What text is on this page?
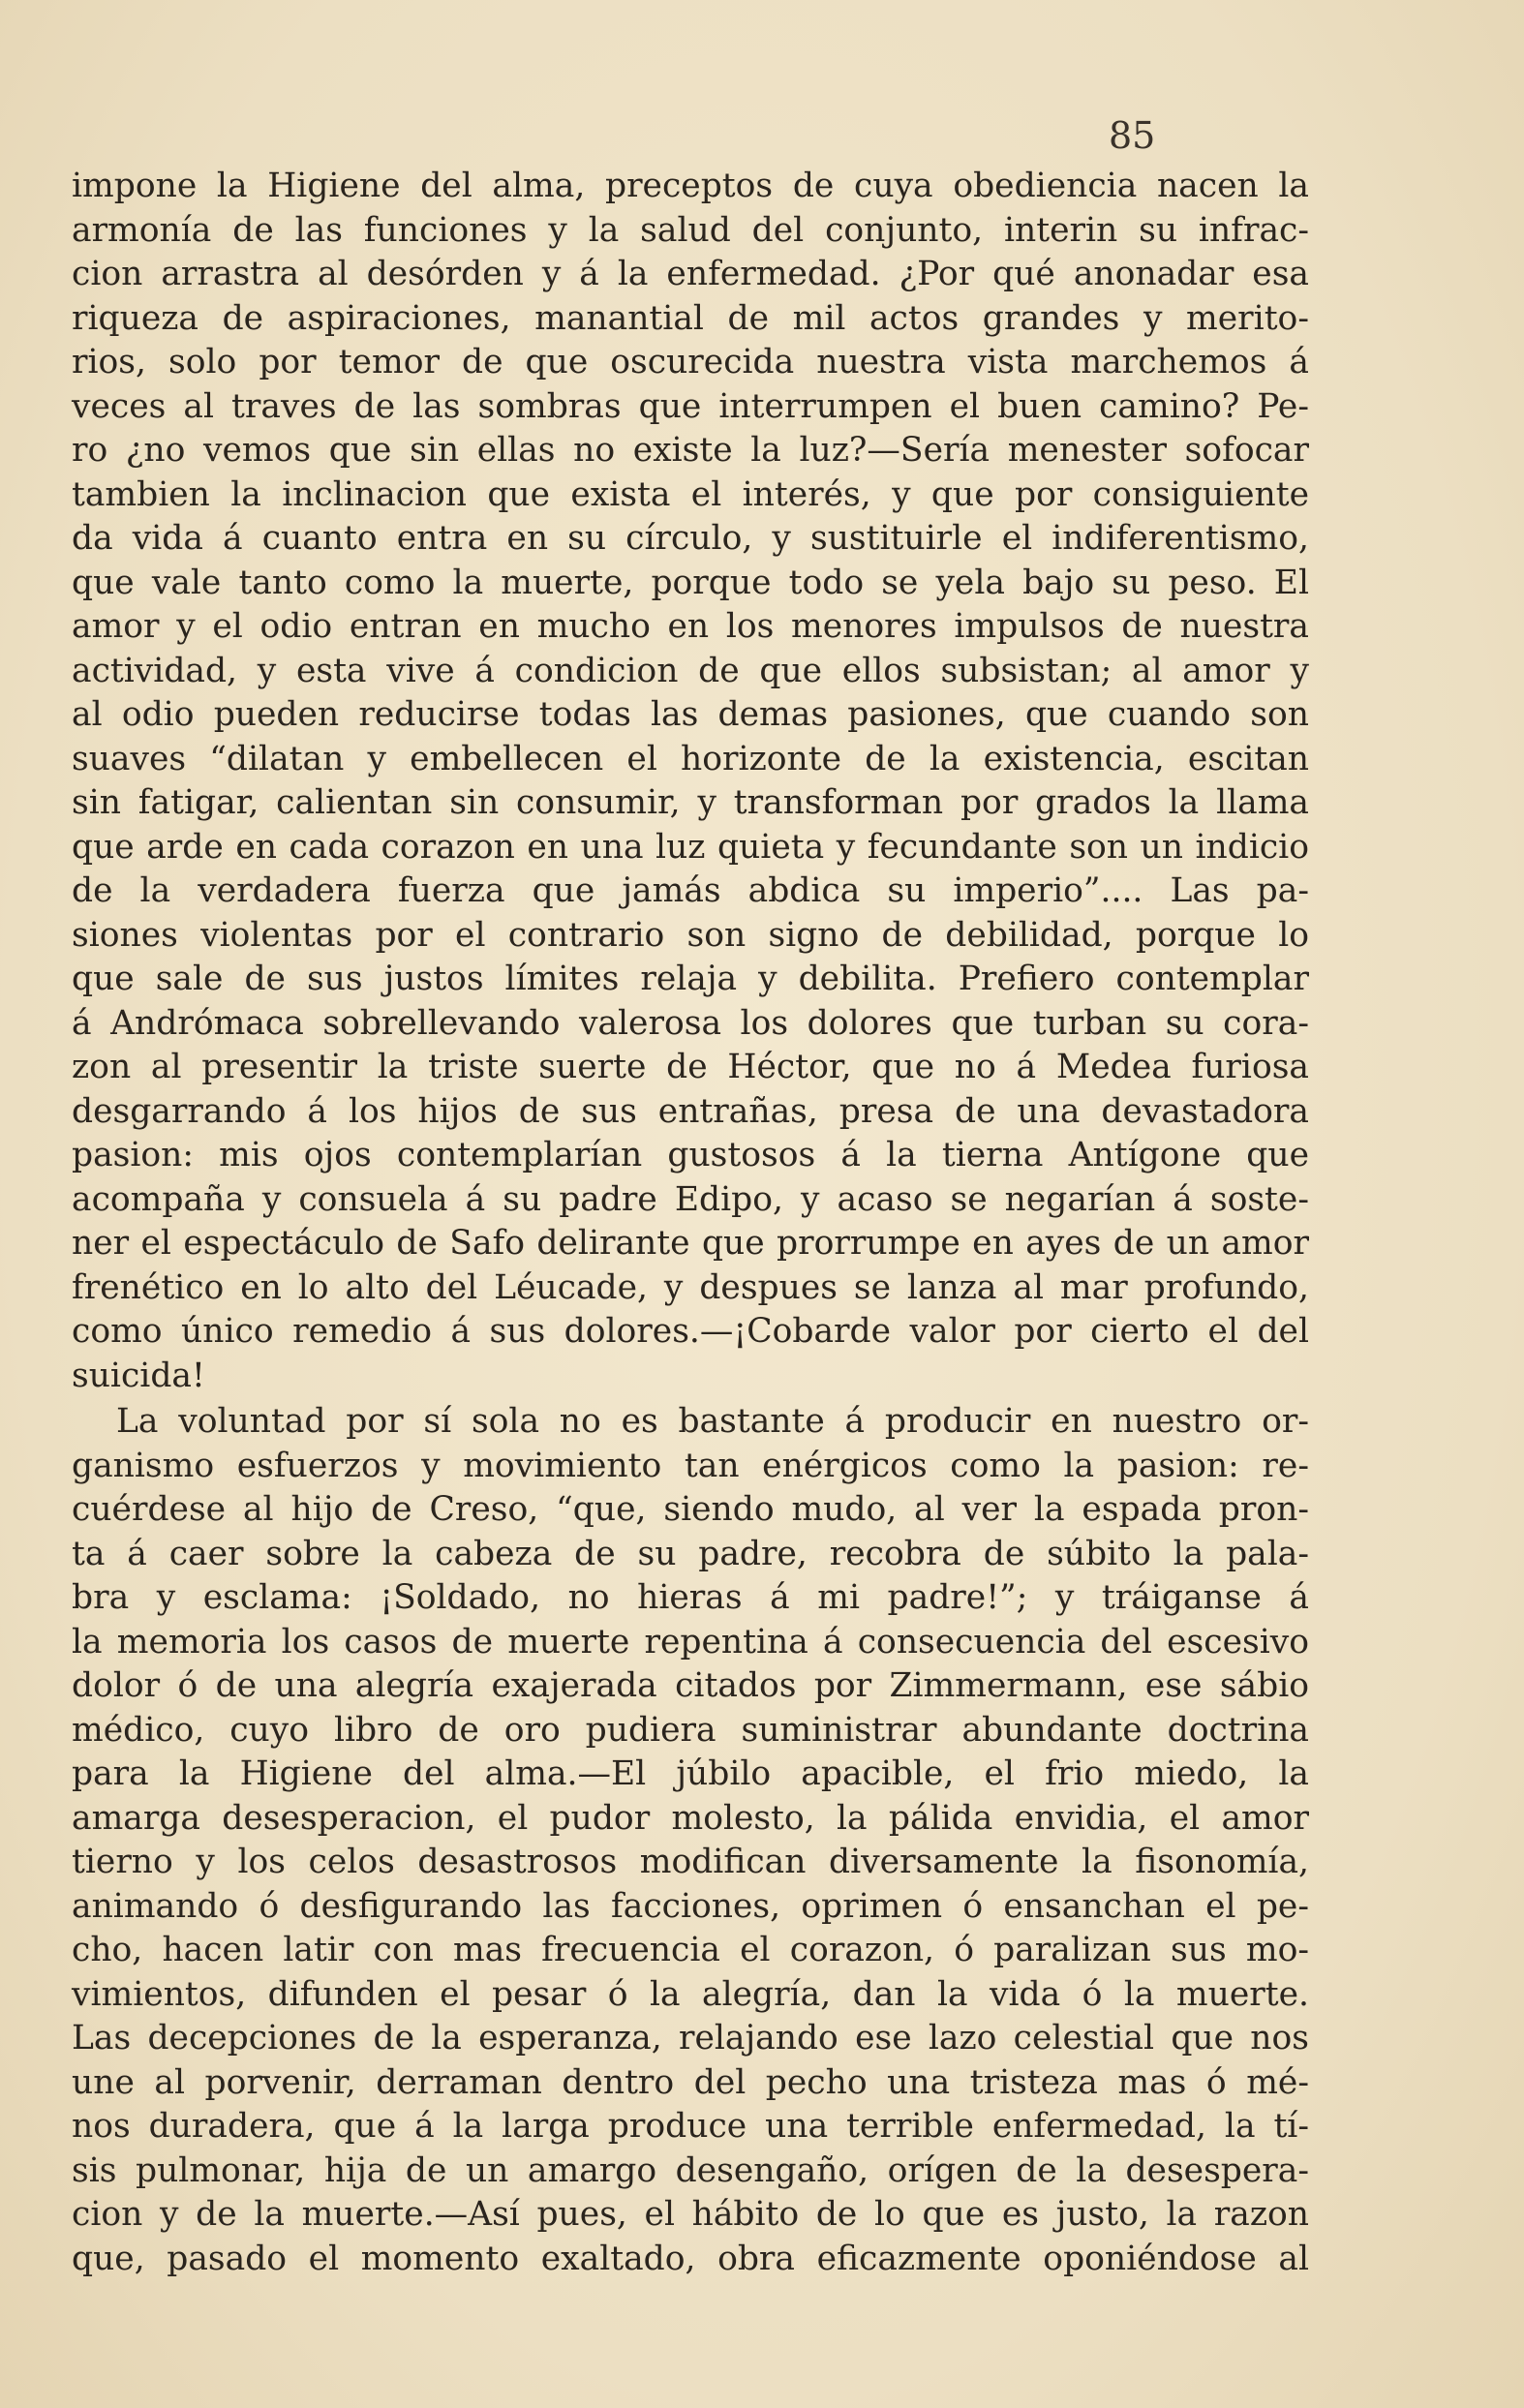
85
impone la Higiene del alma, preceptos de cuya obediencia nacen la
armonía de las funciones y la salud del conjunto, interin su infrac-
cion arrastra al desórden y á la enfermedad. ¿Por qué anonadar esa
riqueza de aspiraciones, manantial de mil actos grandes y merito-
rios, solo por temor de que oscurecida nuestra vista marchemos á
veces al traves de las sombras que interrumpen el buen camino? Pe-
ro ¿no vemos que sin ellas no existe la luz?—Sería menester sofocar
tambien la inclinacion que exista el interés, y que por consiguiente
da vida á cuanto entra en su círculo, y sustituirle el indiferentismo,
que vale tanto como la muerte, porque todo se yela bajo su peso. El
amor y el odio entran en mucho en los menores impulsos de nuestra
actividad, y esta vive á condicion de que ellos subsistan; al amor y
al odio pueden reducirse todas las demas pasiones, que cuando son
suaves “dilatan y embellecen el horizonte de la existencia, escitan
sin fatigar, calientan sin consumir, y transforman por grados la llama
que arde en cada corazon en una luz quieta y fecundante son un indicio
de la verdadera fuerza que jamás abdica su imperio”.... Las pa-
siones violentas por el contrario son signo de debilidad, porque lo
que sale de sus justos límites relaja y debilita. Prefiero contemplar
á Andrómaca sobrellevando valerosa los dolores que turban su cora-
zon al presentir la triste suerte de Héctor, que no á Medea furiosa
desgarrando á los hijos de sus entrañas, presa de una devastadora
pasion: mis ojos contemplarían gustosos á la tierna Antígone que
acompaña y consuela á su padre Edipo, y acaso se negarían á soste-
ner el espectáculo de Safo delirante que prorrumpe en ayes de un amor
frenético en lo alto del Léucade, y despues se lanza al mar profundo,
como único remedio á sus dolores.—¡Cobarde valor por cierto el del
suicida!
La voluntad por sí sola no es bastante á producir en nuestro or-
ganismo esfuerzos y movimiento tan enérgicos como la pasion: re-
cuérdese al hijo de Creso, “que, siendo mudo, al ver la espada pron-
ta á caer sobre la cabeza de su padre, recobra de súbito la pala-
bra y esclama: ¡Soldado, no hieras á mi padre!”; y tráiganse á
la memoria los casos de muerte repentina á consecuencia del escesivo
dolor ó de una alegría exajerada citados por Zimmermann, ese sábio
médico, cuyo libro de oro pudiera suministrar abundante doctrina
para la Higiene del alma.—El júbilo apacible, el frio miedo, la
amarga desesperacion, el pudor molesto, la pálida envidia, el amor
tierno y los celos desastrosos modifican diversamente la fisonomía,
animando ó desfigurando las facciones, oprimen ó ensanchan el pe-
cho, hacen latir con mas frecuencia el corazon, ó paralizan sus mo-
vimientos, difunden el pesar ó la alegría, dan la vida ó la muerte.
Las decepciones de la esperanza, relajando ese lazo celestial que nos
une al porvenir, derraman dentro del pecho una tristeza mas ó mé-
nos duradera, que á la larga produce una terrible enfermedad, la tí-
sis pulmonar, hija de un amargo desengaño, orígen de la desespera-
cion y de la muerte.—Así pues, el hábito de lo que es justo, la razon
que, pasado el momento exaltado, obra eficazmente oponiéndose al
